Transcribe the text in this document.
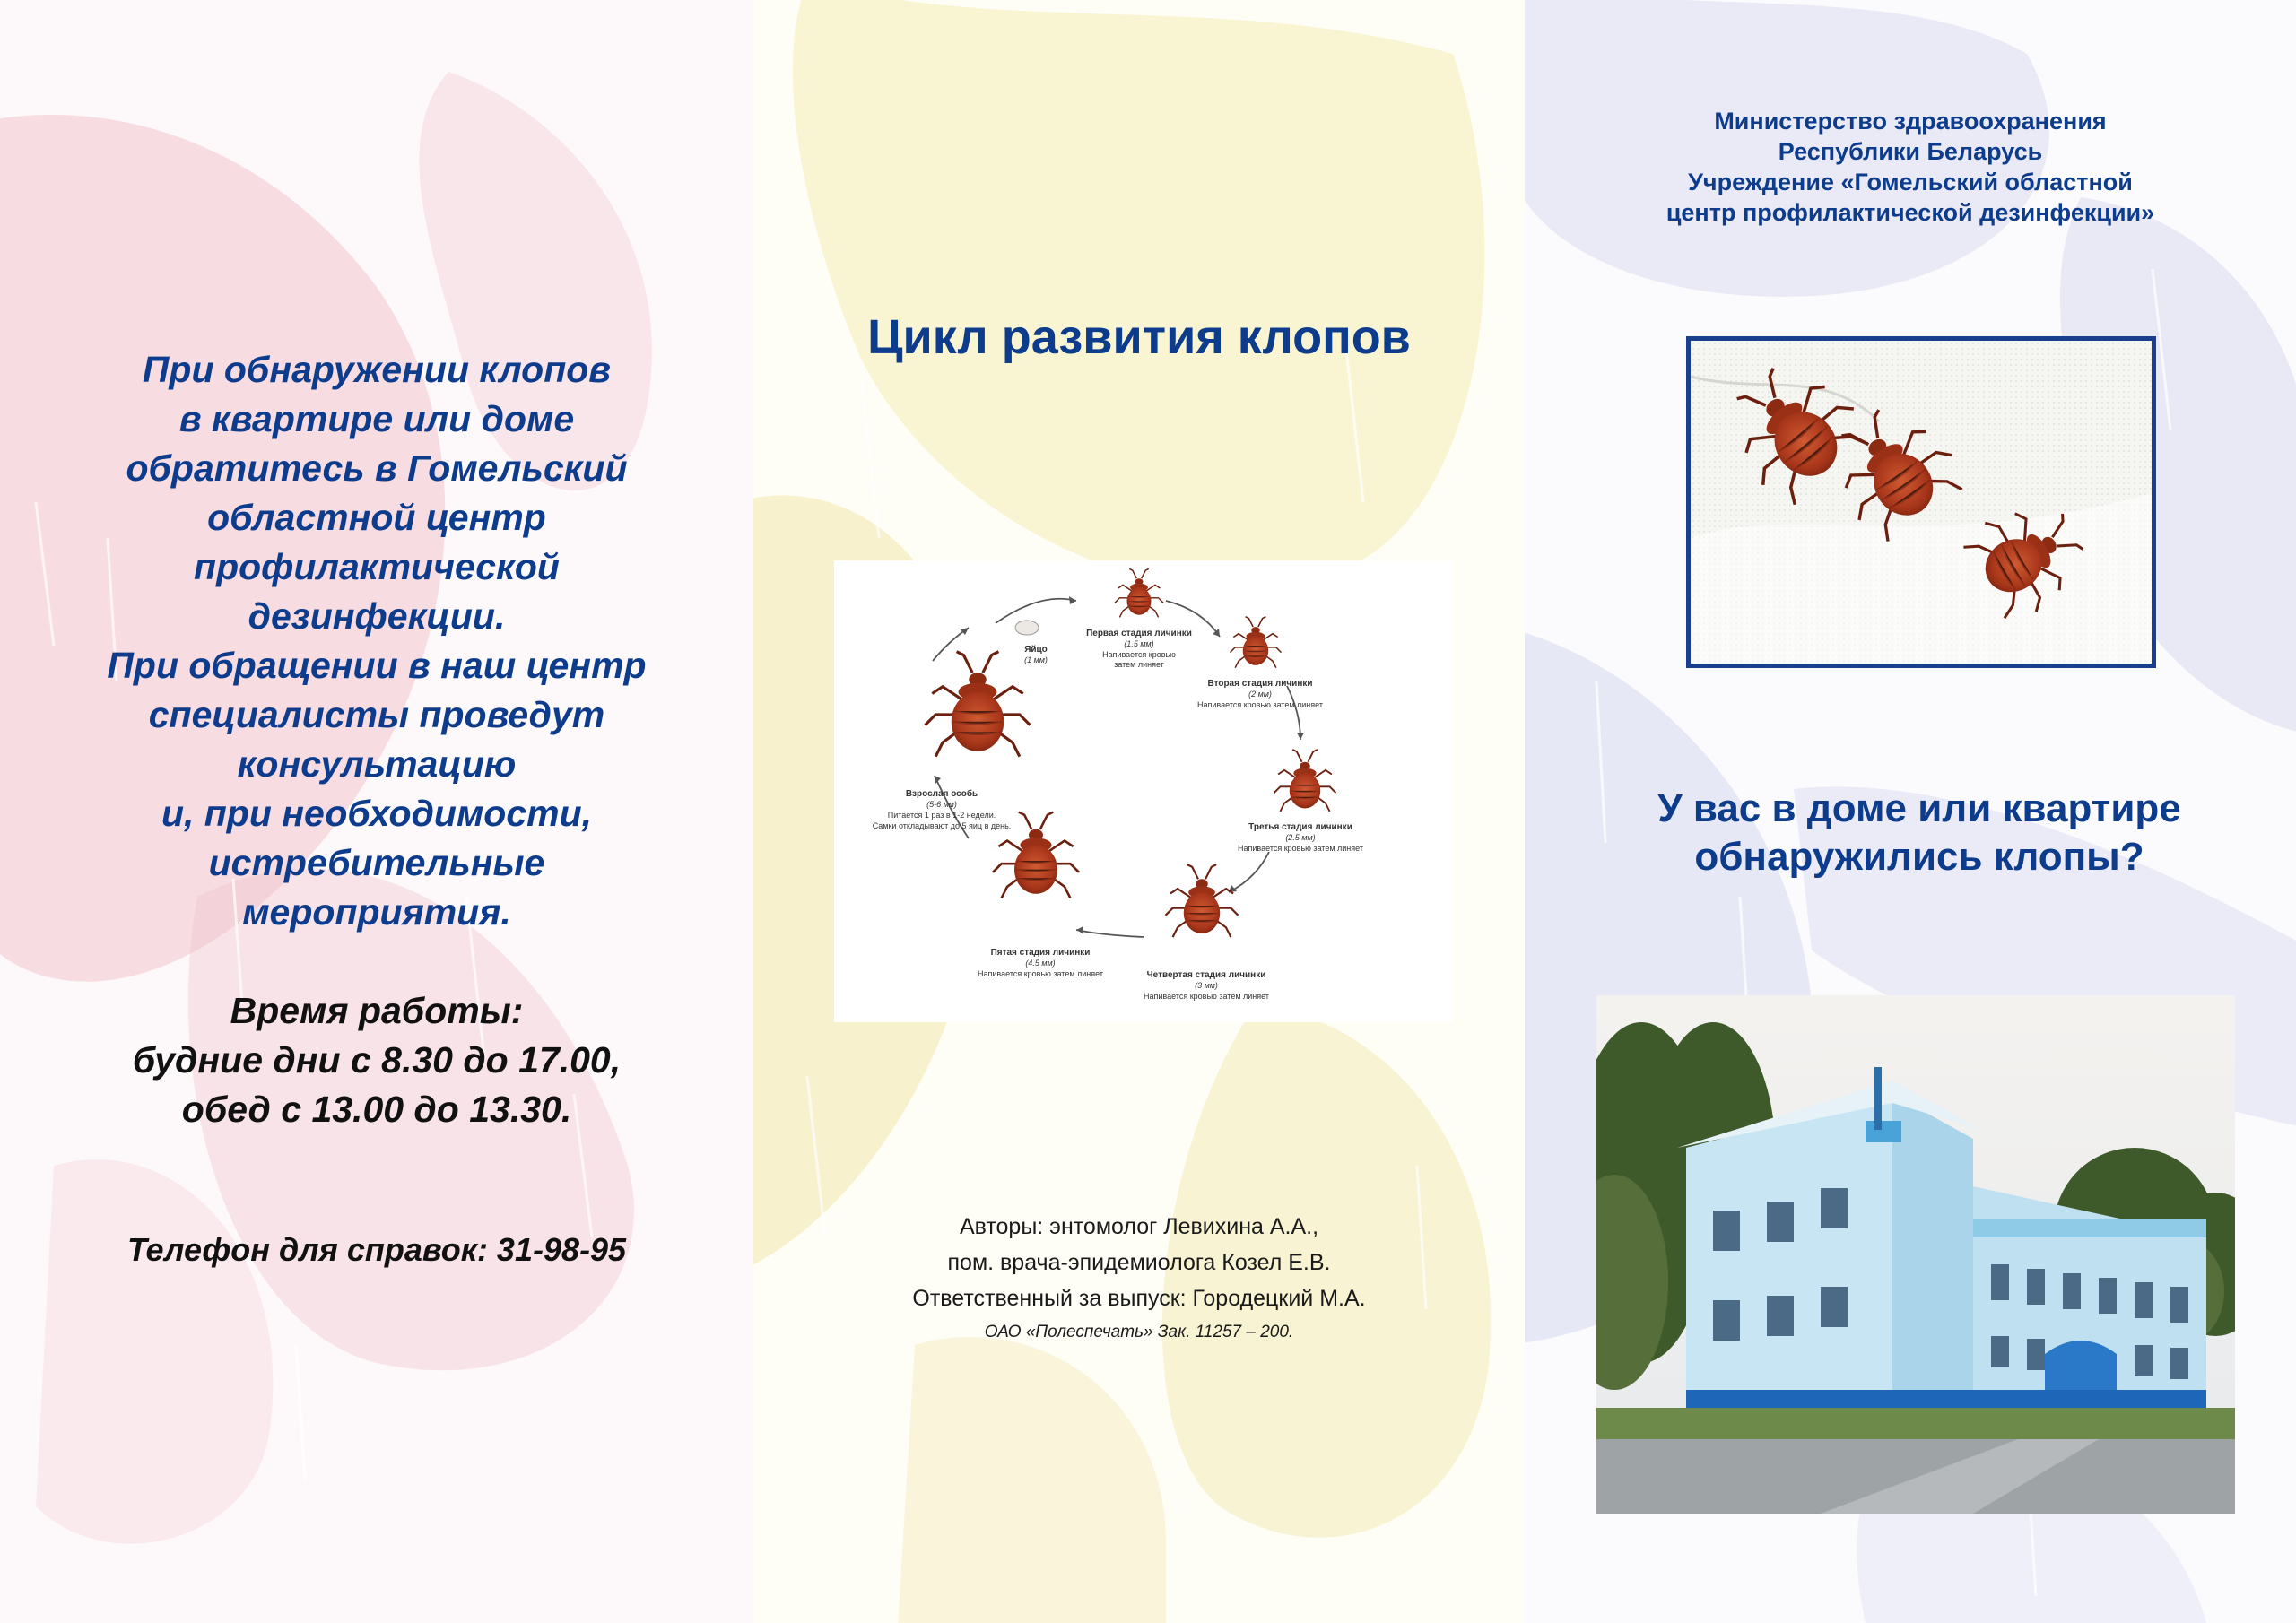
При обнаружении клопов
в квартире или доме
обратитесь в Гомельский
областной центр
профилактической
дезинфекции.
При обращении в наш центр
специалисты проведут
консультацию
и, при необходимости,
истребительные
мероприятия.
Время работы:
будние дни с 8.30 до 17.00,
обед с 13.00 до 13.30.
Телефон для справок: 31-98-95
Цикл развития клопов
Яйцо
(1 мм)
Первая стадия личинки
(1.5 мм)
Напивается кровью
затем линяет
Вторая стадия личинки
(2 мм)
Напивается кровью затем линяет
Третья стадия личинки
(2.5 мм)
Напивается кровью затем линяет
Четвертая стадия личинки
(3 мм)
Напивается кровью затем линяет
Пятая стадия личинки
(4.5 мм)
Напивается кровью затем линяет
Взрослая особь
(5-6 мм)
Питается 1 раз в 1-2 недели.
Самки откладывают до 5 яиц в день.
Авторы: энтомолог Левихина А.А.,
пом. врача-эпидемиолога Козел Е.В.
Ответственный за выпуск: Городецкий М.А.
ОАО «Полеспечать» Зак. 11257 – 200.
Министерство здравоохранения
Республики Беларусь
Учреждение «Гомельский областной
центр профилактической дезинфекции»
У вас в доме или квартире
обнаружились клопы?
